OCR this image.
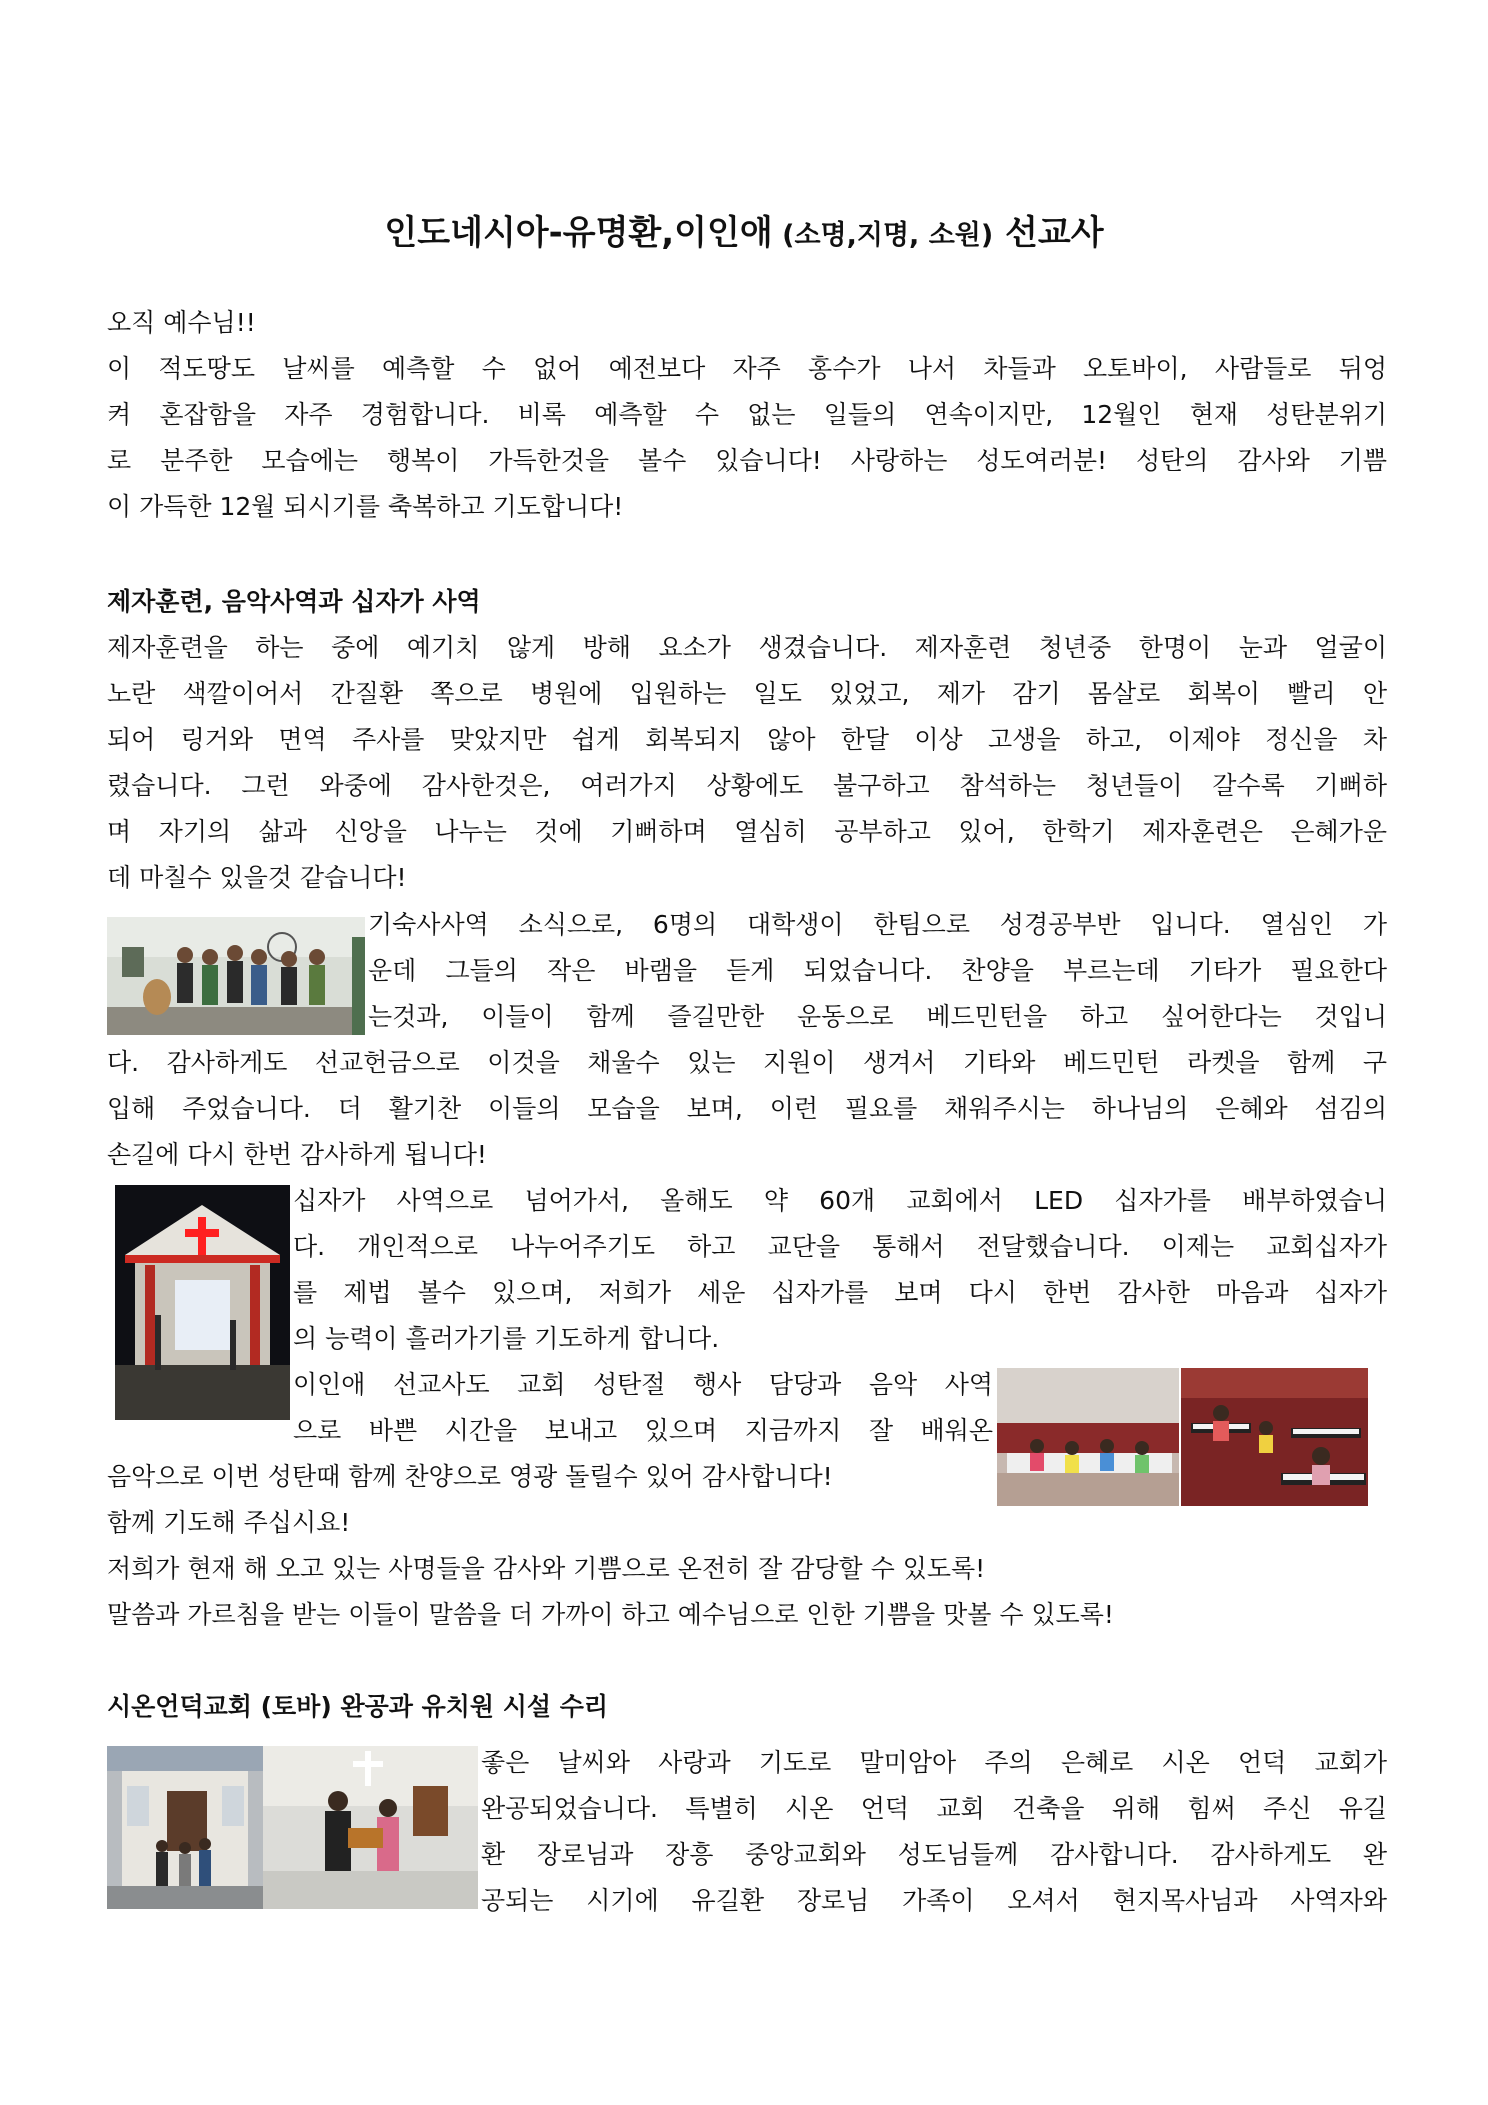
인도네시아-유명환,이인애 (소명,지명, 소원) 선교사
오직 예수님!!
이 적도땅도 날씨를 예측할 수 없어 예전보다 자주 홍수가 나서 차들과 오토바이, 사람들로 뒤엉
켜 혼잡함을 자주 경험합니다. 비록 예측할 수 없는 일들의 연속이지만, 12월인 현재 성탄분위기
로 분주한 모습에는 행복이 가득한것을 볼수 있습니다! 사랑하는 성도여러분! 성탄의 감사와 기쁨
이 가득한 12월 되시기를 축복하고 기도합니다!
제자훈련, 음악사역과 십자가 사역
제자훈련을 하는 중에 예기치 않게 방해 요소가 생겼습니다. 제자훈련 청년중 한명이 눈과 얼굴이
노란 색깔이어서 간질환 쪽으로 병원에 입원하는 일도 있었고, 제가 감기 몸살로 회복이 빨리 안
되어 링거와 면역 주사를 맞았지만 쉽게 회복되지 않아 한달 이상 고생을 하고, 이제야 정신을 차
렸습니다. 그런 와중에 감사한것은, 여러가지 상황에도 불구하고 참석하는 청년들이 갈수록 기뻐하
며 자기의 삶과 신앙을 나누는 것에 기뻐하며 열심히 공부하고 있어, 한학기 제자훈련은 은혜가운
데 마칠수 있을것 같습니다!
기숙사사역 소식으로, 6명의 대학생이 한팀으로 성경공부반 입니다. 열심인 가
운데 그들의 작은 바램을 듣게 되었습니다. 찬양을 부르는데 기타가 필요한다
는것과, 이들이 함께 즐길만한 운동으로 베드민턴을 하고 싶어한다는 것입니
다. 감사하게도 선교헌금으로 이것을 채울수 있는 지원이 생겨서 기타와 베드민턴 라켓을 함께 구
입해 주었습니다. 더 활기찬 이들의 모습을 보며, 이런 필요를 채워주시는 하나님의 은혜와 섬김의
손길에 다시 한번 감사하게 됩니다!
십자가 사역으로 넘어가서, 올해도 약 60개 교회에서 LED 십자가를 배부하였습니
다. 개인적으로 나누어주기도 하고 교단을 통해서 전달했습니다. 이제는 교회십자가
를 제법 볼수 있으며, 저희가 세운 십자가를 보며 다시 한번 감사한 마음과 십자가
의 능력이 흘러가기를 기도하게 합니다.
이인애 선교사도 교회 성탄절 행사 담당과 음악 사역
으로 바쁜 시간을 보내고 있으며 지금까지 잘 배워온
음악으로 이번 성탄때 함께 찬양으로 영광 돌릴수 있어 감사합니다!
함께 기도해 주십시요!
저희가 현재 해 오고 있는 사명들을 감사와 기쁨으로 온전히 잘 감당할 수 있도록!
말씀과 가르침을 받는 이들이 말씀을 더 가까이 하고 예수님으로 인한 기쁨을 맛볼 수 있도록!
시온언덕교회 (토바) 완공과 유치원 시설 수리
좋은 날씨와 사랑과 기도로 말미암아 주의 은혜로 시온 언덕 교회가
완공되었습니다. 특별히 시온 언덕 교회 건축을 위해 힘써 주신 유길
환 장로님과 장흥 중앙교회와 성도님들께 감사합니다. 감사하게도 완
공되는 시기에 유길환 장로님 가족이 오셔서 현지목사님과 사역자와
